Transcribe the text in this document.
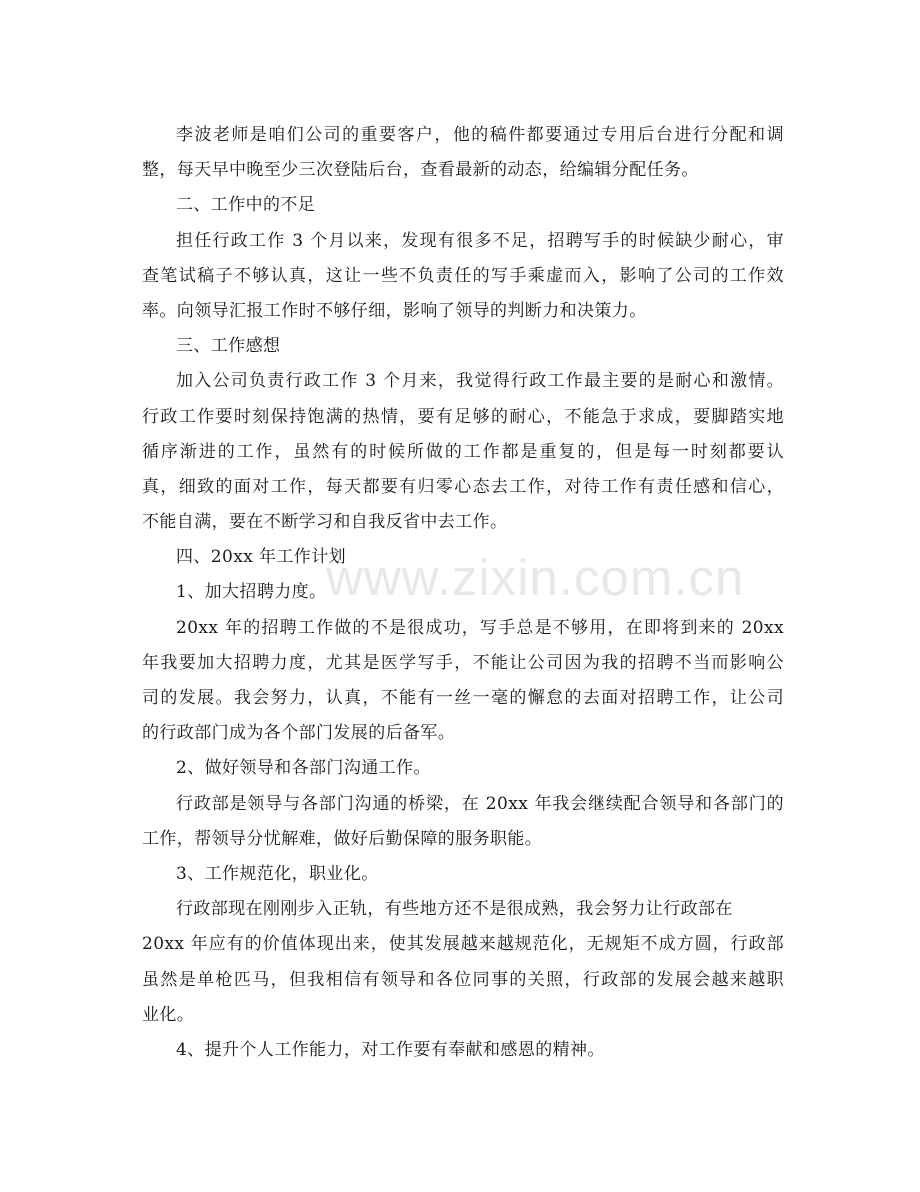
李波老师是咱们公司的重要客户，他的稿件都要通过专用后台进行分配和调
整，每天早中晚至少三次登陆后台，查看最新的动态，给编辑分配任务。
二、工作中的不足
担任行政工作 3 个月以来，发现有很多不足，招聘写手的时候缺少耐心，审
查笔试稿子不够认真，这让一些不负责任的写手乘虚而入，影响了公司的工作效
率。向领导汇报工作时不够仔细，影响了领导的判断力和决策力。
三、工作感想
加入公司负责行政工作 3 个月来，我觉得行政工作最主要的是耐心和激情。
行政工作要时刻保持饱满的热情，要有足够的耐心，不能急于求成，要脚踏实地
循序渐进的工作，虽然有的时候所做的工作都是重复的，但是每一时刻都要认
真，细致的面对工作，每天都要有归零心态去工作，对待工作有责任感和信心，
不能自满，要在不断学习和自我反省中去工作。
四、20xx 年工作计划
1、加大招聘力度。
20xx 年的招聘工作做的不是很成功，写手总是不够用，在即将到来的 20xx
年我要加大招聘力度，尤其是医学写手，不能让公司因为我的招聘不当而影响公
司的发展。我会努力，认真，不能有一丝一毫的懈怠的去面对招聘工作，让公司
的行政部门成为各个部门发展的后备军。
2、做好领导和各部门沟通工作。
行政部是领导与各部门沟通的桥梁，在 20xx 年我会继续配合领导和各部门的
工作，帮领导分忧解难，做好后勤保障的服务职能。
3、工作规范化，职业化。
行政部现在刚刚步入正轨，有些地方还不是很成熟，我会努力让行政部在
20xx 年应有的价值体现出来，使其发展越来越规范化，无规矩不成方圆，行政部
虽然是单枪匹马，但我相信有领导和各位同事的关照，行政部的发展会越来越职
业化。
4、提升个人工作能力，对工作要有奉献和感恩的精神。
www.zixin.com.cn
